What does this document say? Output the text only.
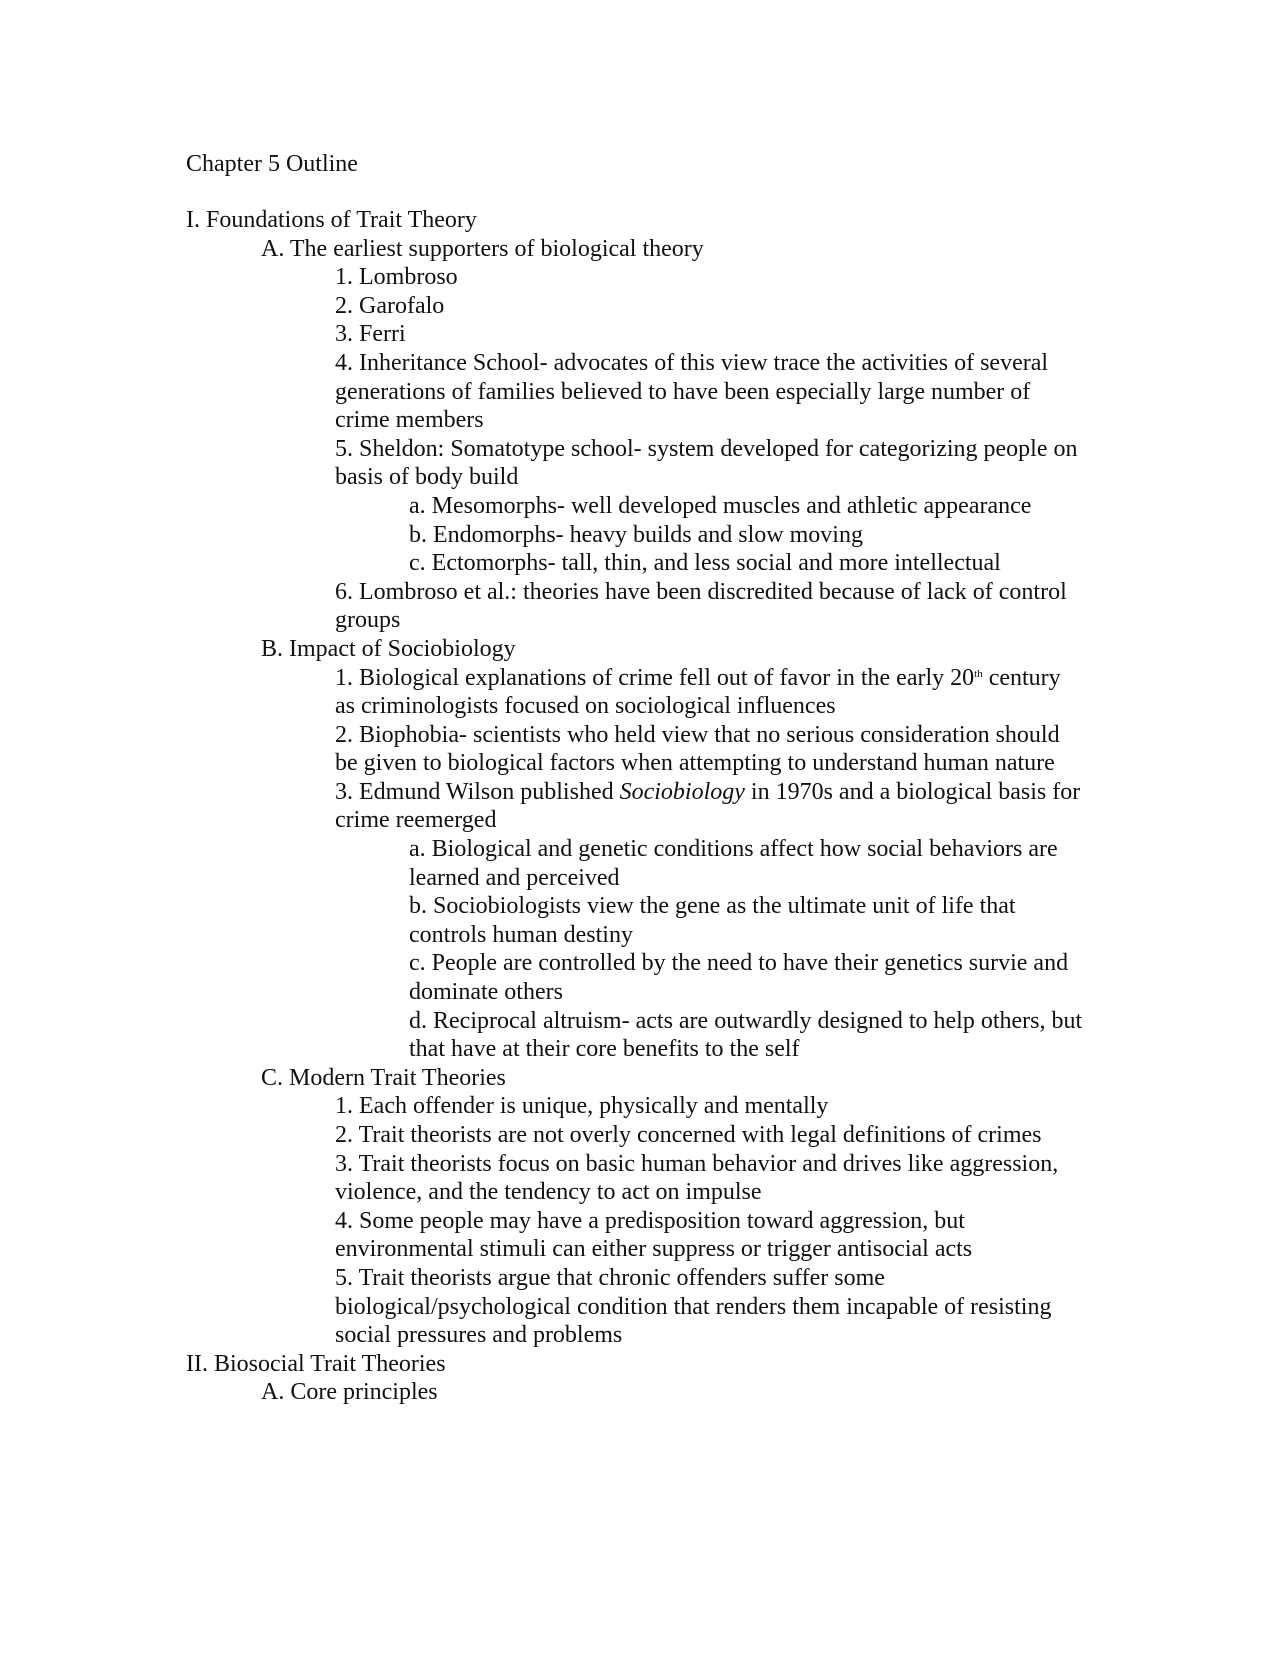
Chapter 5 Outline
I. Foundations of Trait Theory
A. The earliest supporters of biological theory
1. Lombroso
2. Garofalo
3. Ferri
4. Inheritance School- advocates of this view trace the activities of several generations of families believed to have been especially large number of crime members
5. Sheldon: Somatotype school- system developed for categorizing people on basis of body build
a. Mesomorphs- well developed muscles and athletic appearance
b. Endomorphs- heavy builds and slow moving
c. Ectomorphs- tall, thin, and less social and more intellectual
6. Lombroso et al.: theories have been discredited because of lack of control groups
B. Impact of Sociobiology
1. Biological explanations of crime fell out of favor in the early 20th century as criminologists focused on sociological influences
2. Biophobia- scientists who held view that no serious consideration should be given to biological factors when attempting to understand human nature
3. Edmund Wilson published Sociobiology in 1970s and a biological basis for crime reemerged
a. Biological and genetic conditions affect how social behaviors are learned and perceived
b. Sociobiologists view the gene as the ultimate unit of life that controls human destiny
c. People are controlled by the need to have their genetics survie and dominate others
d. Reciprocal altruism- acts are outwardly designed to help others, but that have at their core benefits to the self
C. Modern Trait Theories
1. Each offender is unique, physically and mentally
2. Trait theorists are not overly concerned with legal definitions of crimes
3. Trait theorists focus on basic human behavior and drives like aggression, violence, and the tendency to act on impulse
4. Some people may have a predisposition toward aggression, but environmental stimuli can either suppress or trigger antisocial acts
5. Trait theorists argue that chronic offenders suffer some biological/psychological condition that renders them incapable of resisting social pressures and problems
II. Biosocial Trait Theories
A. Core principles
